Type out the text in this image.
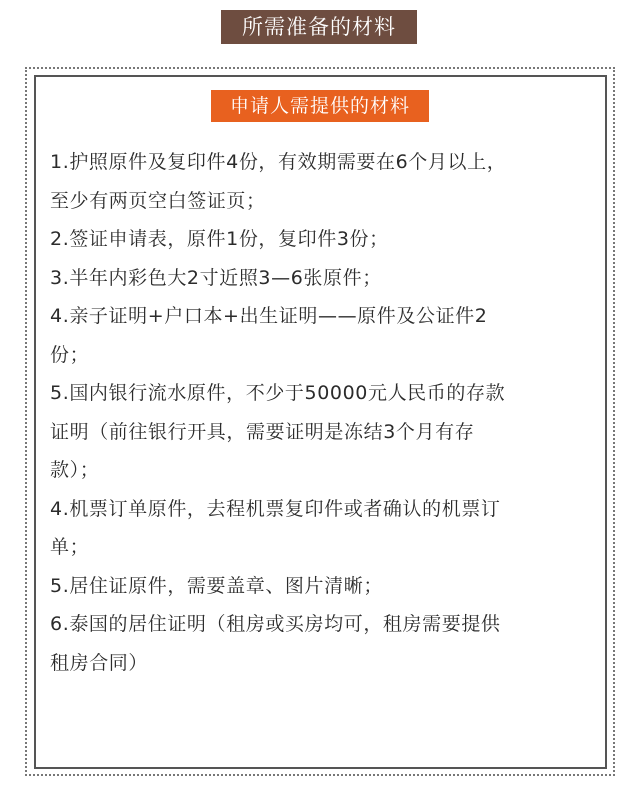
所需准备的材料
申请人需提供的材料

1.护照原件及复印件4份，有效期需要在6个月以上，

至少有两页空白签证页；

2.签证申请表，原件1份，复印件3份；

3.半年内彩色大2寸近照3—6张原件；

4.亲子证明+户口本+出生证明——原件及公证件2

份；

5.国内银行流水原件，不少于50000元人民币的存款

证明（前往银行开具，需要证明是冻结3个月有存

款）；

4.机票订单原件，去程机票复印件或者确认的机票订

单；

5.居住证原件，需要盖章、图片清晰；

6.泰国的居住证明（租房或买房均可，租房需要提供

租房合同）
